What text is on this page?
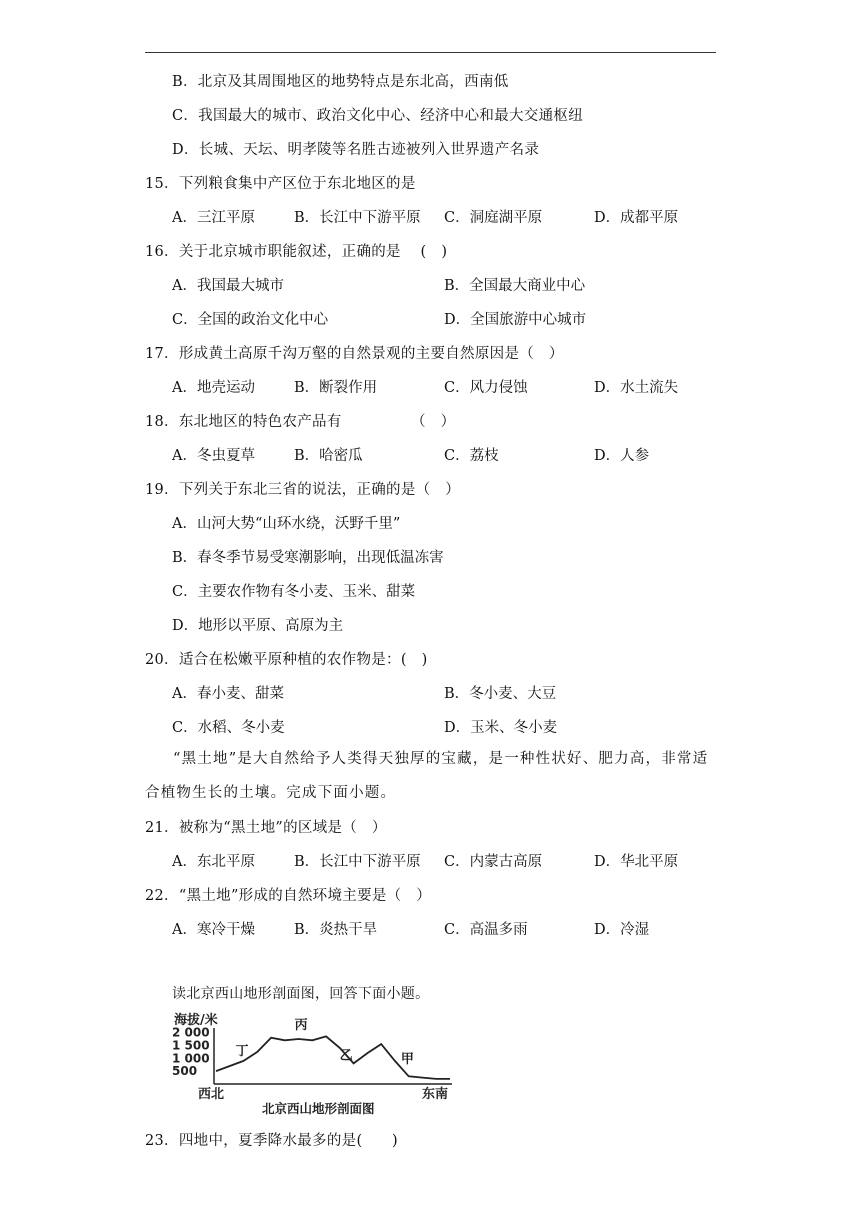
B．北京及其周围地区的地势特点是东北高，西南低
C．我国最大的城市、政治文化中心、经济中心和最大交通枢纽
D．长城、天坛、明孝陵等名胜古迹被列入世界遗产名录
15．下列粮食集中产区位于东北地区的是
A．三江平原	B．长江中下游平原 C．洞庭湖平原	D．成都平原
16．关于北京城市职能叙述，正确的是　 (　)
A．我国最大城市	B．全国最大商业中心
C．全国的政治文化中心	D．全国旅游中心城市
17．形成黄土高原千沟万壑的自然景观的主要自然原因是（　）
A．地壳运动	B．断裂作用	C．风力侵蚀	D．水土流失
18．东北地区的特色农产品有	（　）
A．冬虫夏草	B．哈密瓜	C．荔枝	D．人参
19．下列关于东北三省的说法，正确的是（　）
A．山河大势“山环水绕，沃野千里”
B．春冬季节易受寒潮影响，出现低温冻害
C．主要农作物有冬小麦、玉米、甜菜
D．地形以平原、高原为主
20．适合在松嫩平原种植的农作物是：(　)
A．春小麦、甜菜	B．冬小麦、大豆
C．水稻、冬小麦	D．玉米、冬小麦
“黑土地”是大自然给予人类得天独厚的宝藏，是一种性状好、肥力高，非常适合植物生长的土壤。完成下面小题。
21．被称为“黑土地”的区域是（　）
A．东北平原	B．长江中下游平原 C．内蒙古高原	D．华北平原
22．“黑土地”形成的自然环境主要是（　）
A．寒冷干燥	B．炎热干旱	C．高温多雨	D．冷湿
读北京西山地形剖面图，回答下面小题。
海拔/米
2 000
1 500
1 000
500
丁
丙
乙	甲
西北	东南
北京西山地形剖面图
23．四地中，夏季降水最多的是(　　)
